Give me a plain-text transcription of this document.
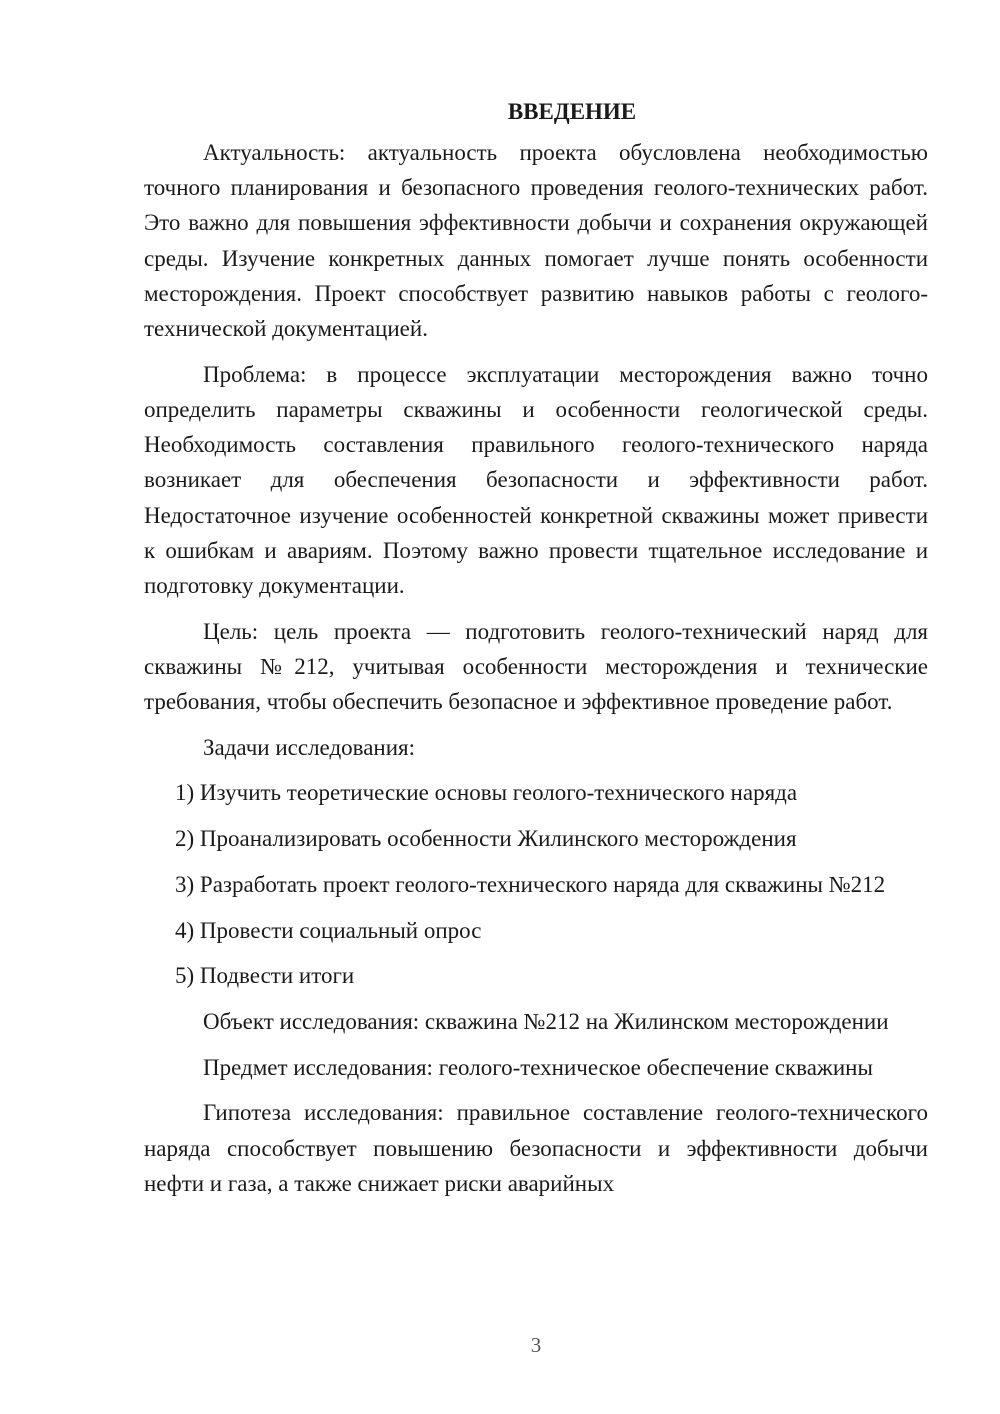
ВВЕДЕНИЕ

Актуальность: актуальность проекта обусловлена необходимостью точного планирования и безопасного проведения геолого-технических работ. Это важно для повышения эффективности добычи и сохранения окружающей среды. Изучение конкретных данных помогает лучше понять особенности месторождения. Проект способствует развитию навыков работы с геолого-технической документацией.

Проблема: в процессе эксплуатации месторождения важно точно определить параметры скважины и особенности геологической среды. Необходимость составления правильного геолого-технического наряда возникает для обеспечения безопасности и эффективности работ. Недостаточное изучение особенностей конкретной скважины может привести к ошибкам и авариям. Поэтому важно провести тщательное исследование и подготовку документации.

Цель: цель проекта — подготовить геолого-технический наряд для скважины №212, учитывая особенности месторождения и технические требования, чтобы обеспечить безопасное и эффективное проведение работ.

Задачи исследования:

1) Изучить теоретические основы геолого-технического наряда

2) Проанализировать особенности Жилинского месторождения

3) Разработать проект геолого-технического наряда для скважины №212

4) Провести социальный опрос

5) Подвести итоги

Объект исследования: скважина №212 на Жилинском месторождении

Предмет исследования: геолого-техническое обеспечение скважины

Гипотеза исследования: правильное составление геолого-технического наряда способствует повышению безопасности и эффективности добычи нефти и газа, а также снижает риски аварийных

3
